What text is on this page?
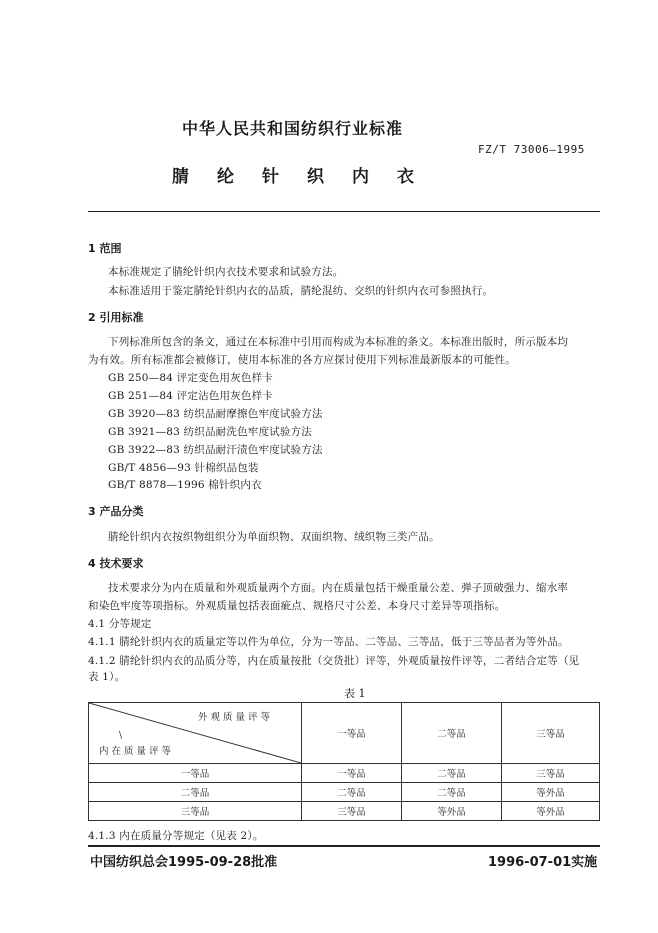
中华人民共和国纺织行业标准
FZ/T 73006—1995
腈纶针织内衣
1 范围
本标准规定了腈纶针织内衣技术要求和试验方法。
本标准适用于鉴定腈纶针织内衣的品质，腈纶混纺、交织的针织内衣可参照执行。
2 引用标准
下列标准所包含的条文，通过在本标准中引用而构成为本标准的条文。本标准出版时，所示版本均
为有效。所有标准都会被修订，使用本标准的各方应探讨使用下列标准最新版本的可能性。
GB 250—84 评定变色用灰色样卡
GB 251—84 评定沾色用灰色样卡
GB 3920—83 纺织品耐摩擦色牢度试验方法
GB 3921—83 纺织品耐洗色牢度试验方法
GB 3922—83 纺织品耐汗渍色牢度试验方法
GB/T 4856—93 针棉织品包装
GB/T 8878—1996 棉针织内衣
3 产品分类
腈纶针织内衣按织物组织分为单面织物、双面织物、绒织物三类产品。
4 技术要求
技术要求分为内在质量和外观质量两个方面。内在质量包括干燥重量公差、弹子顶破强力、缩水率
和染色牢度等项指标。外观质量包括表面疵点、规格尺寸公差、本身尺寸差异等项指标。
4.1 分等规定
4.1.1 腈纶针织内衣的质量定等以件为单位，分为一等品、二等品、三等品，低于三等品者为等外品。
4.1.2 腈纶针织内衣的品质分等，内在质量按批（交货批）评等，外观质量按件评等，二者结合定等（见
表 1）。
表 1
外观质量评等
\
内在质量评等	一等品	二等品	三等品
一等品	一等品	二等品	三等品
二等品	二等品	二等品	等外品
三等品	三等品	等外品	等外品
4.1.3 内在质量分等规定（见表 2）。
中国纺织总会1995-09-28批准	1996-07-01实施
